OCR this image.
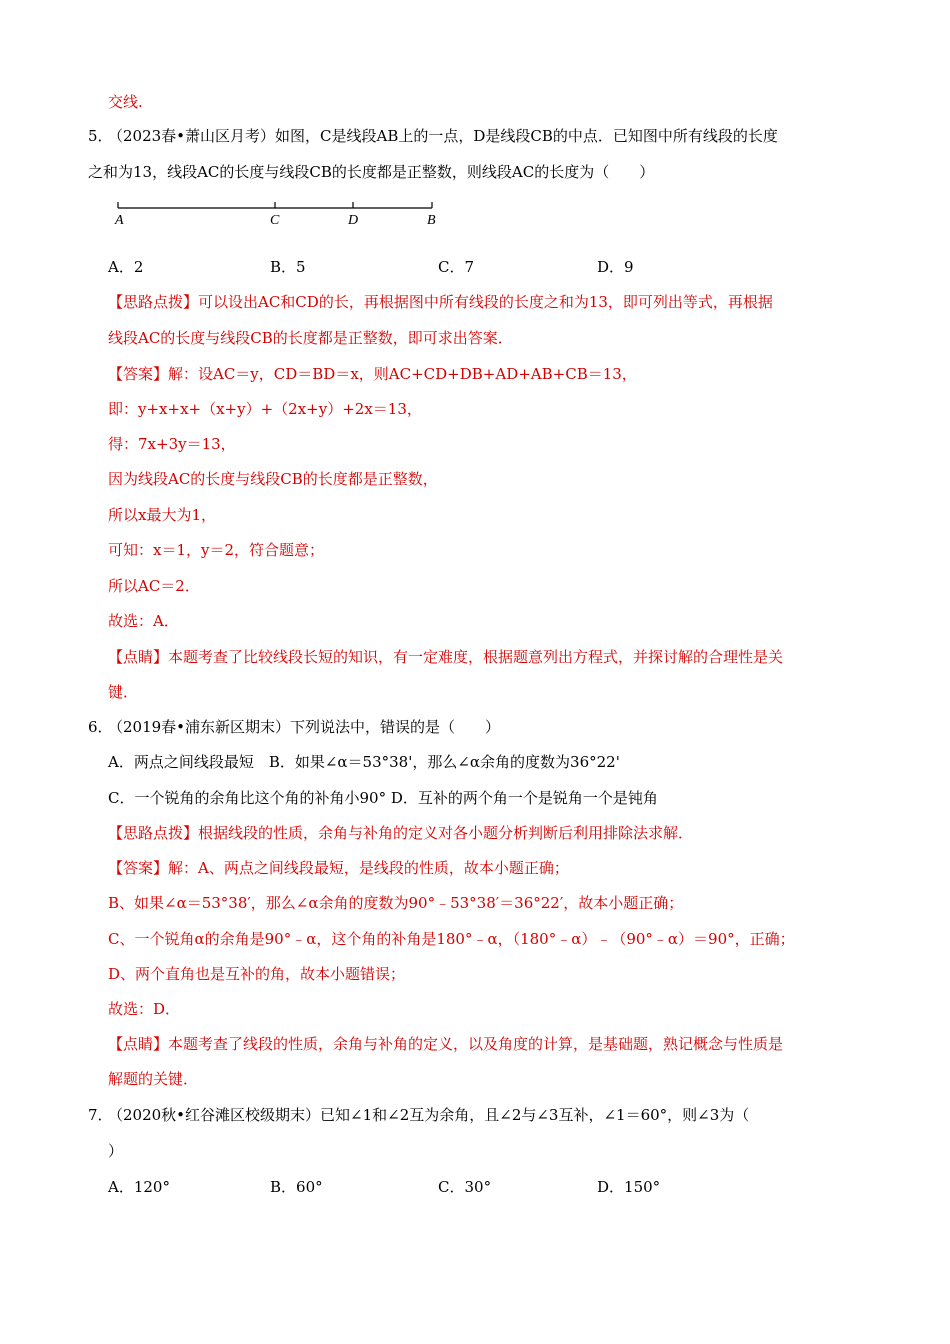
交线.
5．
（2023春•萧山区月考）如图，C是线段AB上的一点，D是线段CB的中点．已知图中所有线段的长度
之和为13，线段AC的长度与线段CB的长度都是正整数，则线段AC的长度为（　　）
A	C	D	B
A．2	B．5	C．7	D．9
【思路点拨】可以设出AC和CD的长，再根据图中所有线段的长度之和为13，即可列出等式，再根据
线段AC的长度与线段CB的长度都是正整数，即可求出答案．
【答案】解：设AC＝y，CD＝BD＝x，则AC+CD+DB+AD+AB+CB＝13，
即：y+x+x+（x+y）+（2x+y）+2x＝13，
得：7x+3y＝13，
因为线段AC的长度与线段CB的长度都是正整数，
所以x最大为1，
可知：x＝1，y＝2，符合题意；
所以AC＝2．
故选：A．
【点睛】本题考查了比较线段长短的知识，有一定难度，根据题意列出方程式，并探讨解的合理性是关
键．
6．
（2019春•浦东新区期末）下列说法中，错误的是（　　）
A．两点之间线段最短　B．如果∠α＝53°38'，那么∠α余角的度数为36°22'
C．一个锐角的余角比这个角的补角小90° D．互补的两个角一个是锐角一个是钝角
【思路点拨】根据线段的性质，余角与补角的定义对各小题分析判断后利用排除法求解．
【答案】解：A、两点之间线段最短，是线段的性质，故本小题正确；
B、如果∠α＝53°38′，那么∠α余角的度数为90°﹣53°38′＝36°22′，故本小题正确；
C、一个锐角α的余角是90°﹣α，这个角的补角是180°﹣α，（180°﹣α）﹣（90°﹣α）＝90°，正确；
D、两个直角也是互补的角，故本小题错误；
故选：D．
【点睛】本题考查了线段的性质，余角与补角的定义，以及角度的计算，是基础题，熟记概念与性质是
解题的关键．
7．
（2020秋•红谷滩区校级期末）已知∠1和∠2互为余角，且∠2与∠3互补，∠1＝60°，则∠3为（
）
A．120°	B．60°	C．30°	D．150°
